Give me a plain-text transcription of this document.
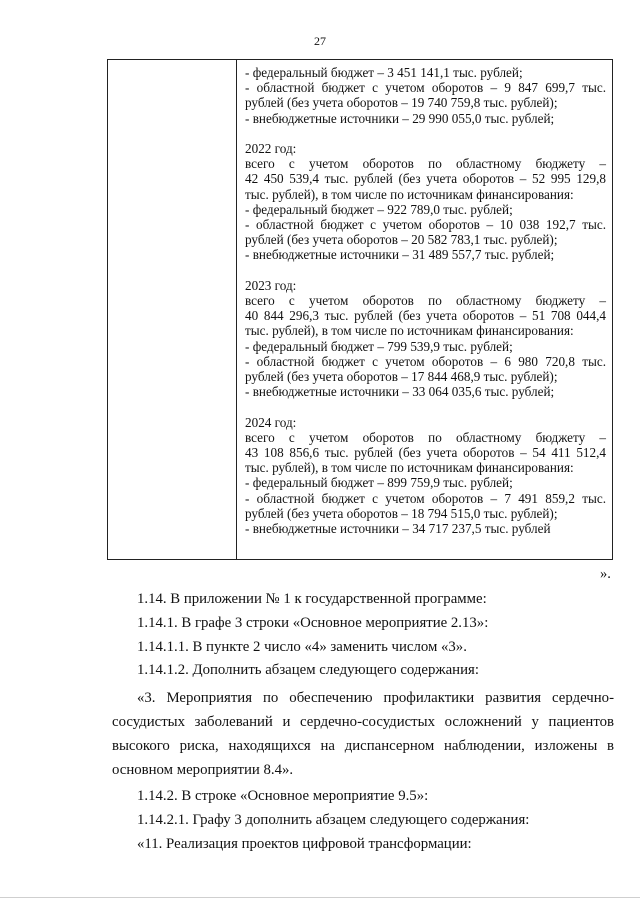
27
- федеральный бюджет – 3 451 141,1 тыс. рублей;
- областной бюджет с учетом оборотов – 9 847 699,7 тыс.
рублей (без учета оборотов – 19 740 759,8 тыс. рублей);
- внебюджетные источники – 29 990 055,0 тыс. рублей;
2022 год:
всего с учетом оборотов по областному бюджету –
42 450 539,4 тыс. рублей (без учета оборотов – 52 995 129,8
тыс. рублей), в том числе по источникам финансирования:
- федеральный бюджет – 922 789,0 тыс. рублей;
- областной бюджет с учетом оборотов – 10 038 192,7 тыс.
рублей (без учета оборотов – 20 582 783,1 тыс. рублей);
- внебюджетные источники – 31 489 557,7 тыс. рублей;
2023 год:
всего с учетом оборотов по областному бюджету –
40 844 296,3 тыс. рублей (без учета оборотов – 51 708 044,4
тыс. рублей), в том числе по источникам финансирования:
- федеральный бюджет – 799 539,9 тыс. рублей;
- областной бюджет с учетом оборотов – 6 980 720,8 тыс.
рублей (без учета оборотов – 17 844 468,9 тыс. рублей);
- внебюджетные источники – 33 064 035,6 тыс. рублей;
2024 год:
всего с учетом оборотов по областному бюджету –
43 108 856,6 тыс. рублей (без учета оборотов – 54 411 512,4
тыс. рублей), в том числе по источникам финансирования:
- федеральный бюджет – 899 759,9 тыс. рублей;
- областной бюджет с учетом оборотов – 7 491 859,2 тыс.
рублей (без учета оборотов – 18 794 515,0 тыс. рублей);
- внебюджетные источники – 34 717 237,5 тыс. рублей
».
1.14. В приложении № 1 к государственной программе:
1.14.1. В графе 3 строки «Основное мероприятие 2.13»:
1.14.1.1. В пункте 2 число «4» заменить числом «3».
1.14.1.2. Дополнить абзацем следующего содержания:
«3. Мероприятия по обеспечению профилактики развития сердечно-
сосудистых заболеваний и сердечно-сосудистых осложнений у пациентов
высокого риска, находящихся на диспансерном наблюдении, изложены в
основном мероприятии 8.4».
1.14.2. В строке «Основное мероприятие 9.5»:
1.14.2.1. Графу 3 дополнить абзацем следующего содержания:
«11. Реализация проектов цифровой трансформации:
